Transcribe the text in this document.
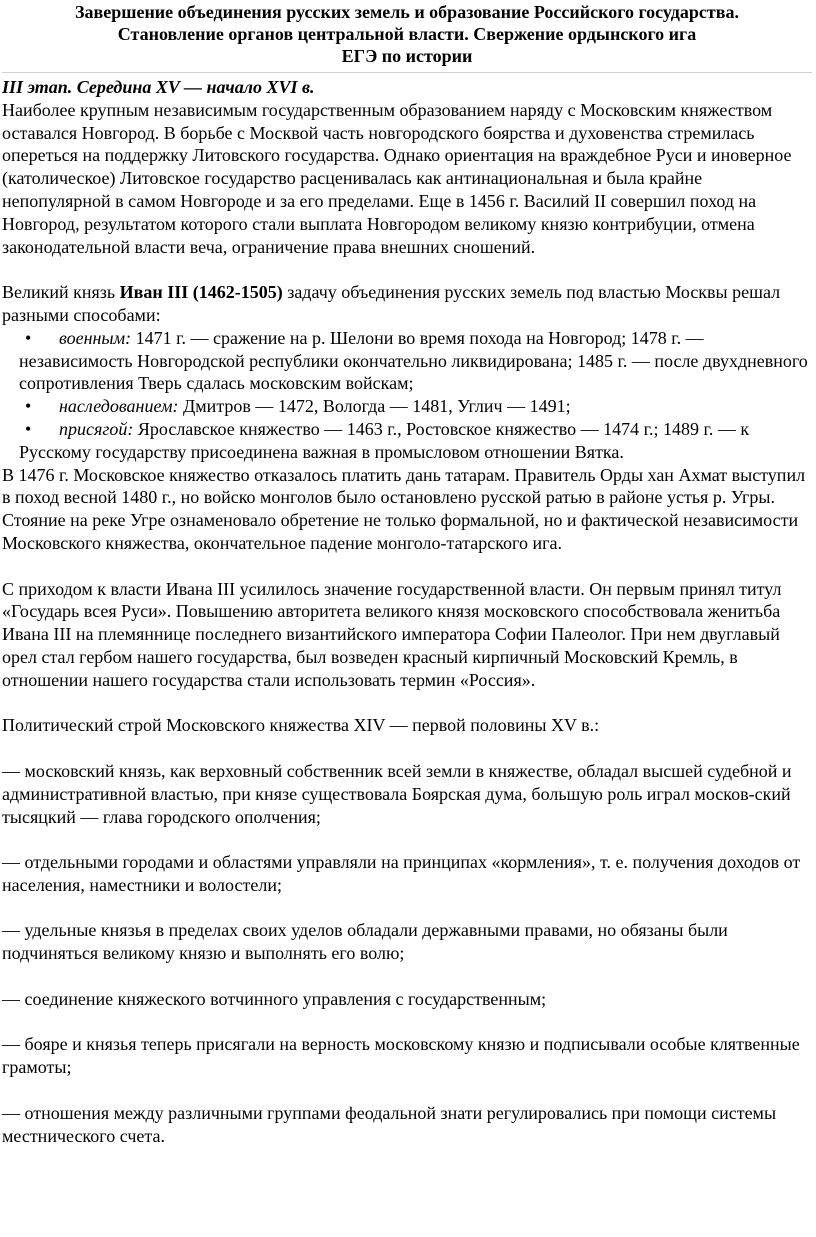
Завершение объединения русских земель и образование Российского государства.
Становление органов центральной власти. Свержение ордынского ига
ЕГЭ по истории

III этап. Середина XV — начало XVI в.

Наиболее крупным независимым государственным образованием наряду с Московским княжеством оставался Новгород. В борьбе с Москвой часть новгородского боярства и духовенства стремилась опереться на поддержку Литовского государства. Однако ориентация на враждебное Руси и иноверное (католическое) Литовское государство расценивалась как антинациональная и была крайне непопулярной в самом Новгороде и за его пределами. Еще в 1456 г. Василий II совершил поход на Новгород, результатом которого стали выплата Новгородом великому князю контрибуции, отмена законодательной власти веча, ограничение права внешних сношений.

Великий князь Иван III (1462-1505) задачу объединения русских земель под властью Москвы решал разными способами:

•	военным: 1471 г. — сражение на р. Шелони во время похода на Новгород; 1478 г. — независимость Новгородской республики окончательно ликвидирована; 1485 г. — после двухдневного сопротивления Тверь сдалась московским войскам;
•	наследованием: Дмитров — 1472, Вологда — 1481, Углич — 1491;
•	присягой: Ярославское княжество — 1463 г., Ростовское княжество — 1474 г.; 1489 г. — к Русскому государству присоединена важная в промысловом отношении Вятка.

В 1476 г. Московское княжество отказалось платить дань татарам. Правитель Орды хан Ахмат выступил в поход весной 1480 г., но войско монголов было остановлено русской ратью в районе устья р. Угры. Стояние на реке Угре ознаменовало обретение не только формальной, но и фактической независимости Московского княжества, окончательное падение монголо-татарского ига.

С приходом к власти Ивана III усилилось значение государственной власти. Он первым принял титул «Государь всея Руси». Повышению авторитета великого князя московского способствовала женитьба Ивана III на племяннице последнего византийского императора Софии Палеолог. При нем двуглавый орел стал гербом нашего государства, был возведен красный кирпичный Московский Кремль, в отношении нашего государства стали использовать термин «Россия».

Политический строй Московского княжества XIV — первой половины XV в.:

— московский князь, как верховный собственник всей земли в княжестве, обладал высшей судебной и административной властью, при князе существовала Боярская дума, большую роль играл москов-ский тысяцкий — глава городского ополчения;

— отдельными городами и областями управляли на принципах «кормления», т. е. получения доходов от населения, наместники и волостели;

— удельные князья в пределах своих уделов обладали державными правами, но обязаны были подчиняться великому князю и выполнять его волю;

— соединение княжеского вотчинного управления с государственным;

— бояре и князья теперь присягали на верность московскому князю и подписывали особые клятвенные грамоты;

— отношения между различными группами феодальной знати регулировались при помощи системы местнического счета.
